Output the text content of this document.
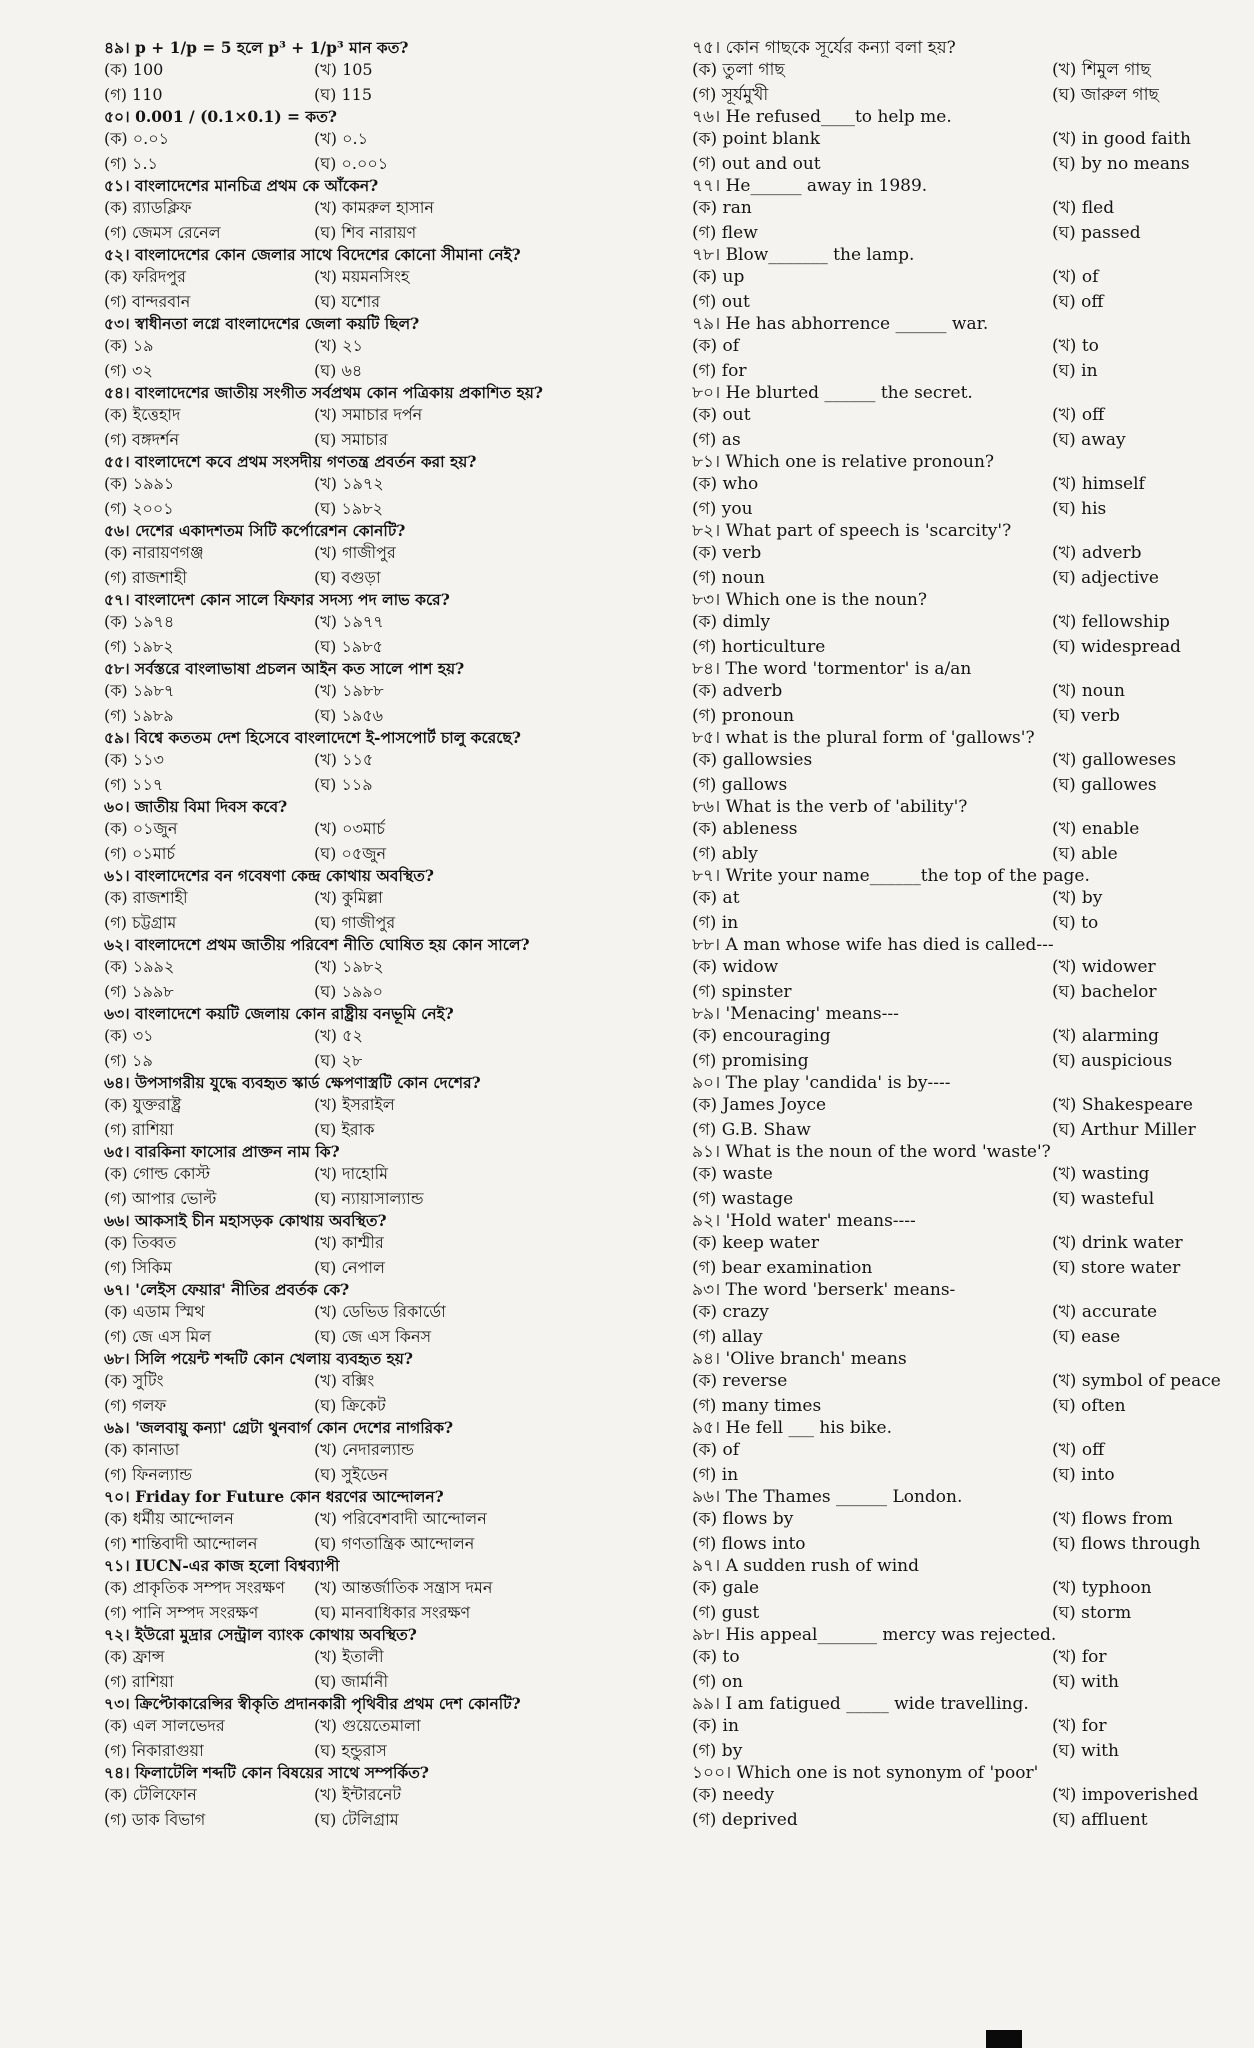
৪৯। p + 1/p = 5 হলে p³ + 1/p³ মান কত?
(ক) 100	(খ) 105
(গ) 110	(ঘ) 115
৫০। 0.001 / (0.1×0.1) = কত?
(ক) ০.০১	(খ) ০.১
(গ) ১.১	(ঘ) ০.০০১
৫১। বাংলাদেশের মানচিত্র প্রথম কে আঁকেন?
(ক) র‍্যাডক্লিফ	(খ) কামরুল হাসান
(গ) জেমস রেনেল	(ঘ) শিব নারায়ণ
৫২। বাংলাদেশের কোন জেলার সাথে বিদেশের কোনো সীমানা নেই?
(ক) ফরিদপুর	(খ) ময়মনসিংহ
(গ) বান্দরবান	(ঘ) যশোর
৫৩। স্বাধীনতা লগ্নে বাংলাদেশের জেলা কয়টি ছিল?
(ক) ১৯	(খ) ২১
(গ) ৩২	(ঘ) ৬৪
৫৪। বাংলাদেশের জাতীয় সংগীত সর্বপ্রথম কোন পত্রিকায় প্রকাশিত হয়?
(ক) ইত্তেহাদ	(খ) সমাচার দর্পন
(গ) বঙ্গদর্শন	(ঘ) সমাচার
৫৫। বাংলাদেশে কবে প্রথম সংসদীয় গণতন্ত্র প্রবর্তন করা হয়?
(ক) ১৯৯১	(খ) ১৯৭২
(গ) ২০০১	(ঘ) ১৯৮২
৫৬। দেশের একাদশতম সিটি কর্পোরেশন কোনটি?
(ক) নারায়ণগঞ্জ	(খ) গাজীপুর
(গ) রাজশাহী	(ঘ) বগুড়া
৫৭। বাংলাদেশ কোন সালে ফিফার সদস্য পদ লাভ করে?
(ক) ১৯৭৪	(খ) ১৯৭৭
(গ) ১৯৮২	(ঘ) ১৯৮৫
৫৮। সর্বস্তরে বাংলাভাষা প্রচলন আইন কত সালে পাশ হয়?
(ক) ১৯৮৭	(খ) ১৯৮৮
(গ) ১৯৮৯	(ঘ) ১৯৫৬
৫৯। বিশ্বে কততম দেশ হিসেবে বাংলাদেশে ই-পাসপোর্ট চালু করেছে?
(ক) ১১৩	(খ) ১১৫
(গ) ১১৭	(ঘ) ১১৯
৬০। জাতীয় বিমা দিবস কবে?
(ক) ০১জুন	(খ) ০৩মার্চ
(গ) ০১মার্চ	(ঘ) ০৫জুন
৬১। বাংলাদেশের বন গবেষণা কেন্দ্র কোথায় অবস্থিত?
(ক) রাজশাহী	(খ) কুমিল্লা
(গ) চট্টগ্রাম	(ঘ) গাজীপুর
৬২। বাংলাদেশে প্রথম জাতীয় পরিবেশ নীতি ঘোষিত হয় কোন সালে?
(ক) ১৯৯২	(খ) ১৯৮২
(গ) ১৯৯৮	(ঘ) ১৯৯০
৬৩। বাংলাদেশে কয়টি জেলায় কোন রাষ্ট্রীয় বনভূমি নেই?
(ক) ৩১	(খ) ৫২
(গ) ১৯	(ঘ) ২৮
৬৪। উপসাগরীয় যুদ্ধে ব্যবহৃত স্কার্ড ক্ষেপণাস্ত্রটি কোন দেশের?
(ক) যুক্তরাষ্ট্র	(খ) ইসরাইল
(গ) রাশিয়া	(ঘ) ইরাক
৬৫। বারকিনা ফাসোর প্রাক্তন নাম কি?
(ক) গোল্ড কোস্ট	(খ) দাহোমি
(গ) আপার ভোল্ট	(ঘ) ন্যায়াসাল্যান্ড
৬৬। আকসাই চীন মহাসড়ক কোথায় অবস্থিত?
(ক) তিব্বত	(খ) কাশ্মীর
(গ) সিকিম	(ঘ) নেপাল
৬৭। 'লেইস ফেয়ার' নীতির প্রবর্তক কে?
(ক) এডাম স্মিথ	(খ) ডেভিড রিকার্ডো
(গ) জে এস মিল	(ঘ) জে এস কিনস
৬৮। সিলি পয়েন্ট শব্দটি কোন খেলায় ব্যবহৃত হয়?
(ক) সুটিং	(খ) বক্সিং
(গ) গলফ	(ঘ) ক্রিকেট
৬৯। 'জলবায়ু কন্যা' গ্রেটা থুনবার্গ কোন দেশের নাগরিক?
(ক) কানাডা	(খ) নেদারল্যান্ড
(গ) ফিনল্যান্ড	(ঘ) সুইডেন
৭০। Friday for Future কোন ধরণের আন্দোলন?
(ক) ধর্মীয় আন্দোলন	(খ) পরিবেশবাদী আন্দোলন
(গ) শান্তিবাদী আন্দোলন	(ঘ) গণতান্ত্রিক আন্দোলন
৭১। IUCN-এর কাজ হলো বিশ্বব্যাপী
(ক) প্রাকৃতিক সম্পদ সংরক্ষণ	(খ) আন্তর্জাতিক সন্ত্রাস দমন
(গ) পানি সম্পদ সংরক্ষণ	(ঘ) মানবাধিকার সংরক্ষণ
৭২। ইউরো মুদ্রার সেন্ট্রাল ব্যাংক কোথায় অবস্থিত?
(ক) ফ্রান্স	(খ) ইতালী
(গ) রাশিয়া	(ঘ) জার্মানী
৭৩। ক্রিপ্টোকারেন্সির স্বীকৃতি প্রদানকারী পৃথিবীর প্রথম দেশ কোনটি?
(ক) এল সালভেদর	(খ) গুয়েতেমালা
(গ) নিকারাগুয়া	(ঘ) হন্ডুরাস
৭৪। ফিলাটেলি শব্দটি কোন বিষয়ের সাথে সম্পর্কিত?
(ক) টেলিফোন	(খ) ইন্টারনেট
(গ) ডাক বিভাগ	(ঘ) টেলিগ্রাম
৭৫। কোন গাছকে সূর্যের কন্যা বলা হয়?
(ক) তুলা গাছ	(খ) শিমুল গাছ
(গ) সূর্যমুখী	(ঘ) জারুল গাছ
৭৬। He refused____to help me.
(ক) point blank	(খ) in good faith
(গ) out and out	(ঘ) by no means
৭৭। He______ away in 1989.
(ক) ran	(খ) fled
(গ) flew	(ঘ) passed
৭৮। Blow_______ the lamp.
(ক) up	(খ) of
(গ) out	(ঘ) off
৭৯। He has abhorrence ______ war.
(ক) of	(খ) to
(গ) for	(ঘ) in
৮০। He blurted ______ the secret.
(ক) out	(খ) off
(গ) as	(ঘ) away
৮১। Which one is relative pronoun?
(ক) who	(খ) himself
(গ) you	(ঘ) his
৮২। What part of speech is 'scarcity'?
(ক) verb	(খ) adverb
(গ) noun	(ঘ) adjective
৮৩। Which one is the noun?
(ক) dimly	(খ) fellowship
(গ) horticulture	(ঘ) widespread
৮৪। The word 'tormentor' is a/an
(ক) adverb	(খ) noun
(গ) pronoun	(ঘ) verb
৮৫। what is the plural form of 'gallows'?
(ক) gallowsies	(খ) galloweses
(গ) gallows	(ঘ) gallowes
৮৬। What is the verb of 'ability'?
(ক) ableness	(খ) enable
(গ) ably	(ঘ) able
৮৭। Write your name______the top of the page.
(ক) at	(খ) by
(গ) in	(ঘ) to
৮৮। A man whose wife has died is called---
(ক) widow	(খ) widower
(গ) spinster	(ঘ) bachelor
৮৯। 'Menacing' means---
(ক) encouraging	(খ) alarming
(গ) promising	(ঘ) auspicious
৯০। The play 'candida' is by----
(ক) James Joyce	(খ) Shakespeare
(গ) G.B. Shaw	(ঘ) Arthur Miller
৯১। What is the noun of the word 'waste'?
(ক) waste	(খ) wasting
(গ) wastage	(ঘ) wasteful
৯২। 'Hold water' means----
(ক) keep water	(খ) drink water
(গ) bear examination	(ঘ) store water
৯৩। The word 'berserk' means-
(ক) crazy	(খ) accurate
(গ) allay	(ঘ) ease
৯৪। 'Olive branch' means
(ক) reverse	(খ) symbol of peace
(গ) many times	(ঘ) often
৯৫। He fell ___ his bike.
(ক) of	(খ) off
(গ) in	(ঘ) into
৯৬। The Thames ______ London.
(ক) flows by	(খ) flows from
(গ) flows into	(ঘ) flows through
৯৭। A sudden rush of wind
(ক) gale	(খ) typhoon
(গ) gust	(ঘ) storm
৯৮। His appeal_______ mercy was rejected.
(ক) to	(খ) for
(গ) on	(ঘ) with
৯৯। I am fatigued _____ wide travelling.
(ক) in	(খ) for
(গ) by	(ঘ) with
১০০। Which one is not synonym of 'poor'
(ক) needy	(খ) impoverished
(গ) deprived	(ঘ) affluent
